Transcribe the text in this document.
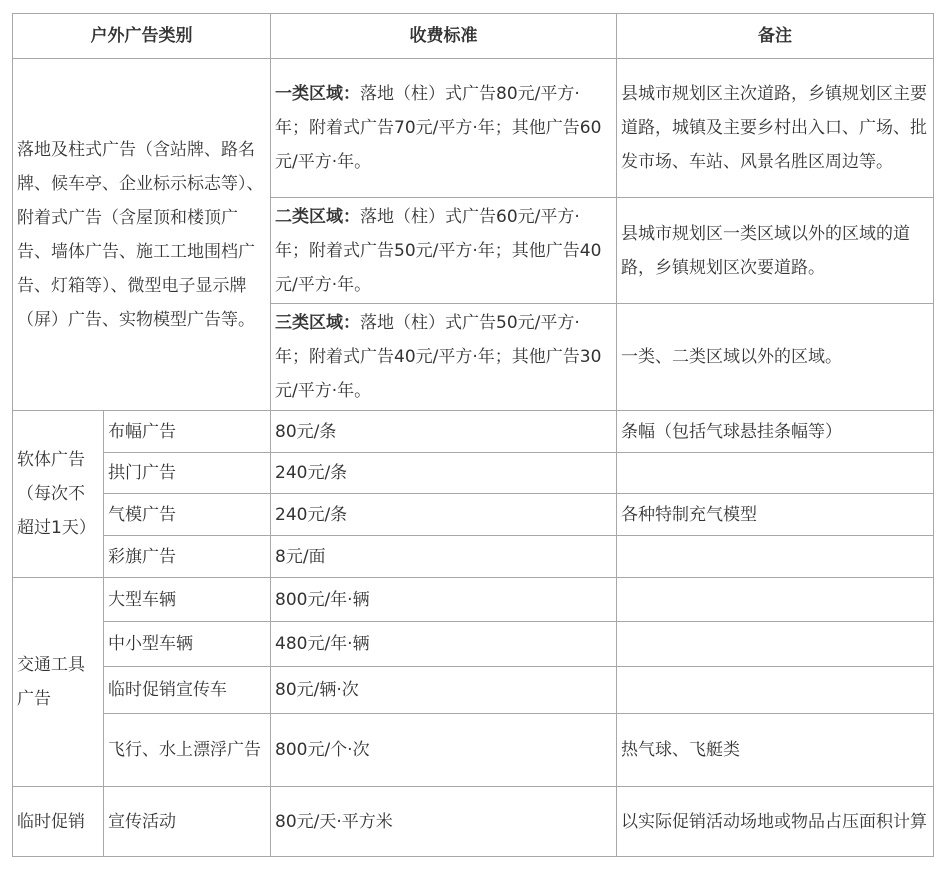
户外广告类别		收费标准	备注
落地及柱式广告（含站牌、路名牌、候车亭、企业标示标志等）、附着式广告（含屋顶和楼顶广告、墙体广告、施工工地围档广告、灯箱等）、微型电子显示牌（屏）广告、实物模型广告等。		一类区域：落地（柱）式广告80元/平方·年；附着式广告70元/平方·年；其他广告60元/平方·年。	县城市规划区主次道路，乡镇规划区主要道路，城镇及主要乡村出入口、广场、批发市场、车站、风景名胜区周边等。
		二类区域：落地（柱）式广告60元/平方·年；附着式广告50元/平方·年；其他广告40元/平方·年。	县城市规划区一类区域以外的区域的道路，乡镇规划区次要道路。
		三类区域：落地（柱）式广告50元/平方·年；附着式广告40元/平方·年；其他广告30元/平方·年。	一类、二类区域以外的区域。
软体广告（每次不超过1天）	布幅广告	80元/条	条幅（包括气球悬挂条幅等）
	拱门广告	240元/条	
	气模广告	240元/条	各种特制充气模型
	彩旗广告	8元/面	
交通工具广告	大型车辆	800元/年·辆	
	中小型车辆	480元/年·辆	
	临时促销宣传车	80元/辆·次	
	飞行、水上漂浮广告	800元/个·次	热气球、飞艇类
临时促销	宣传活动	80元/天·平方米	以实际促销活动场地或物品占压面积计算
